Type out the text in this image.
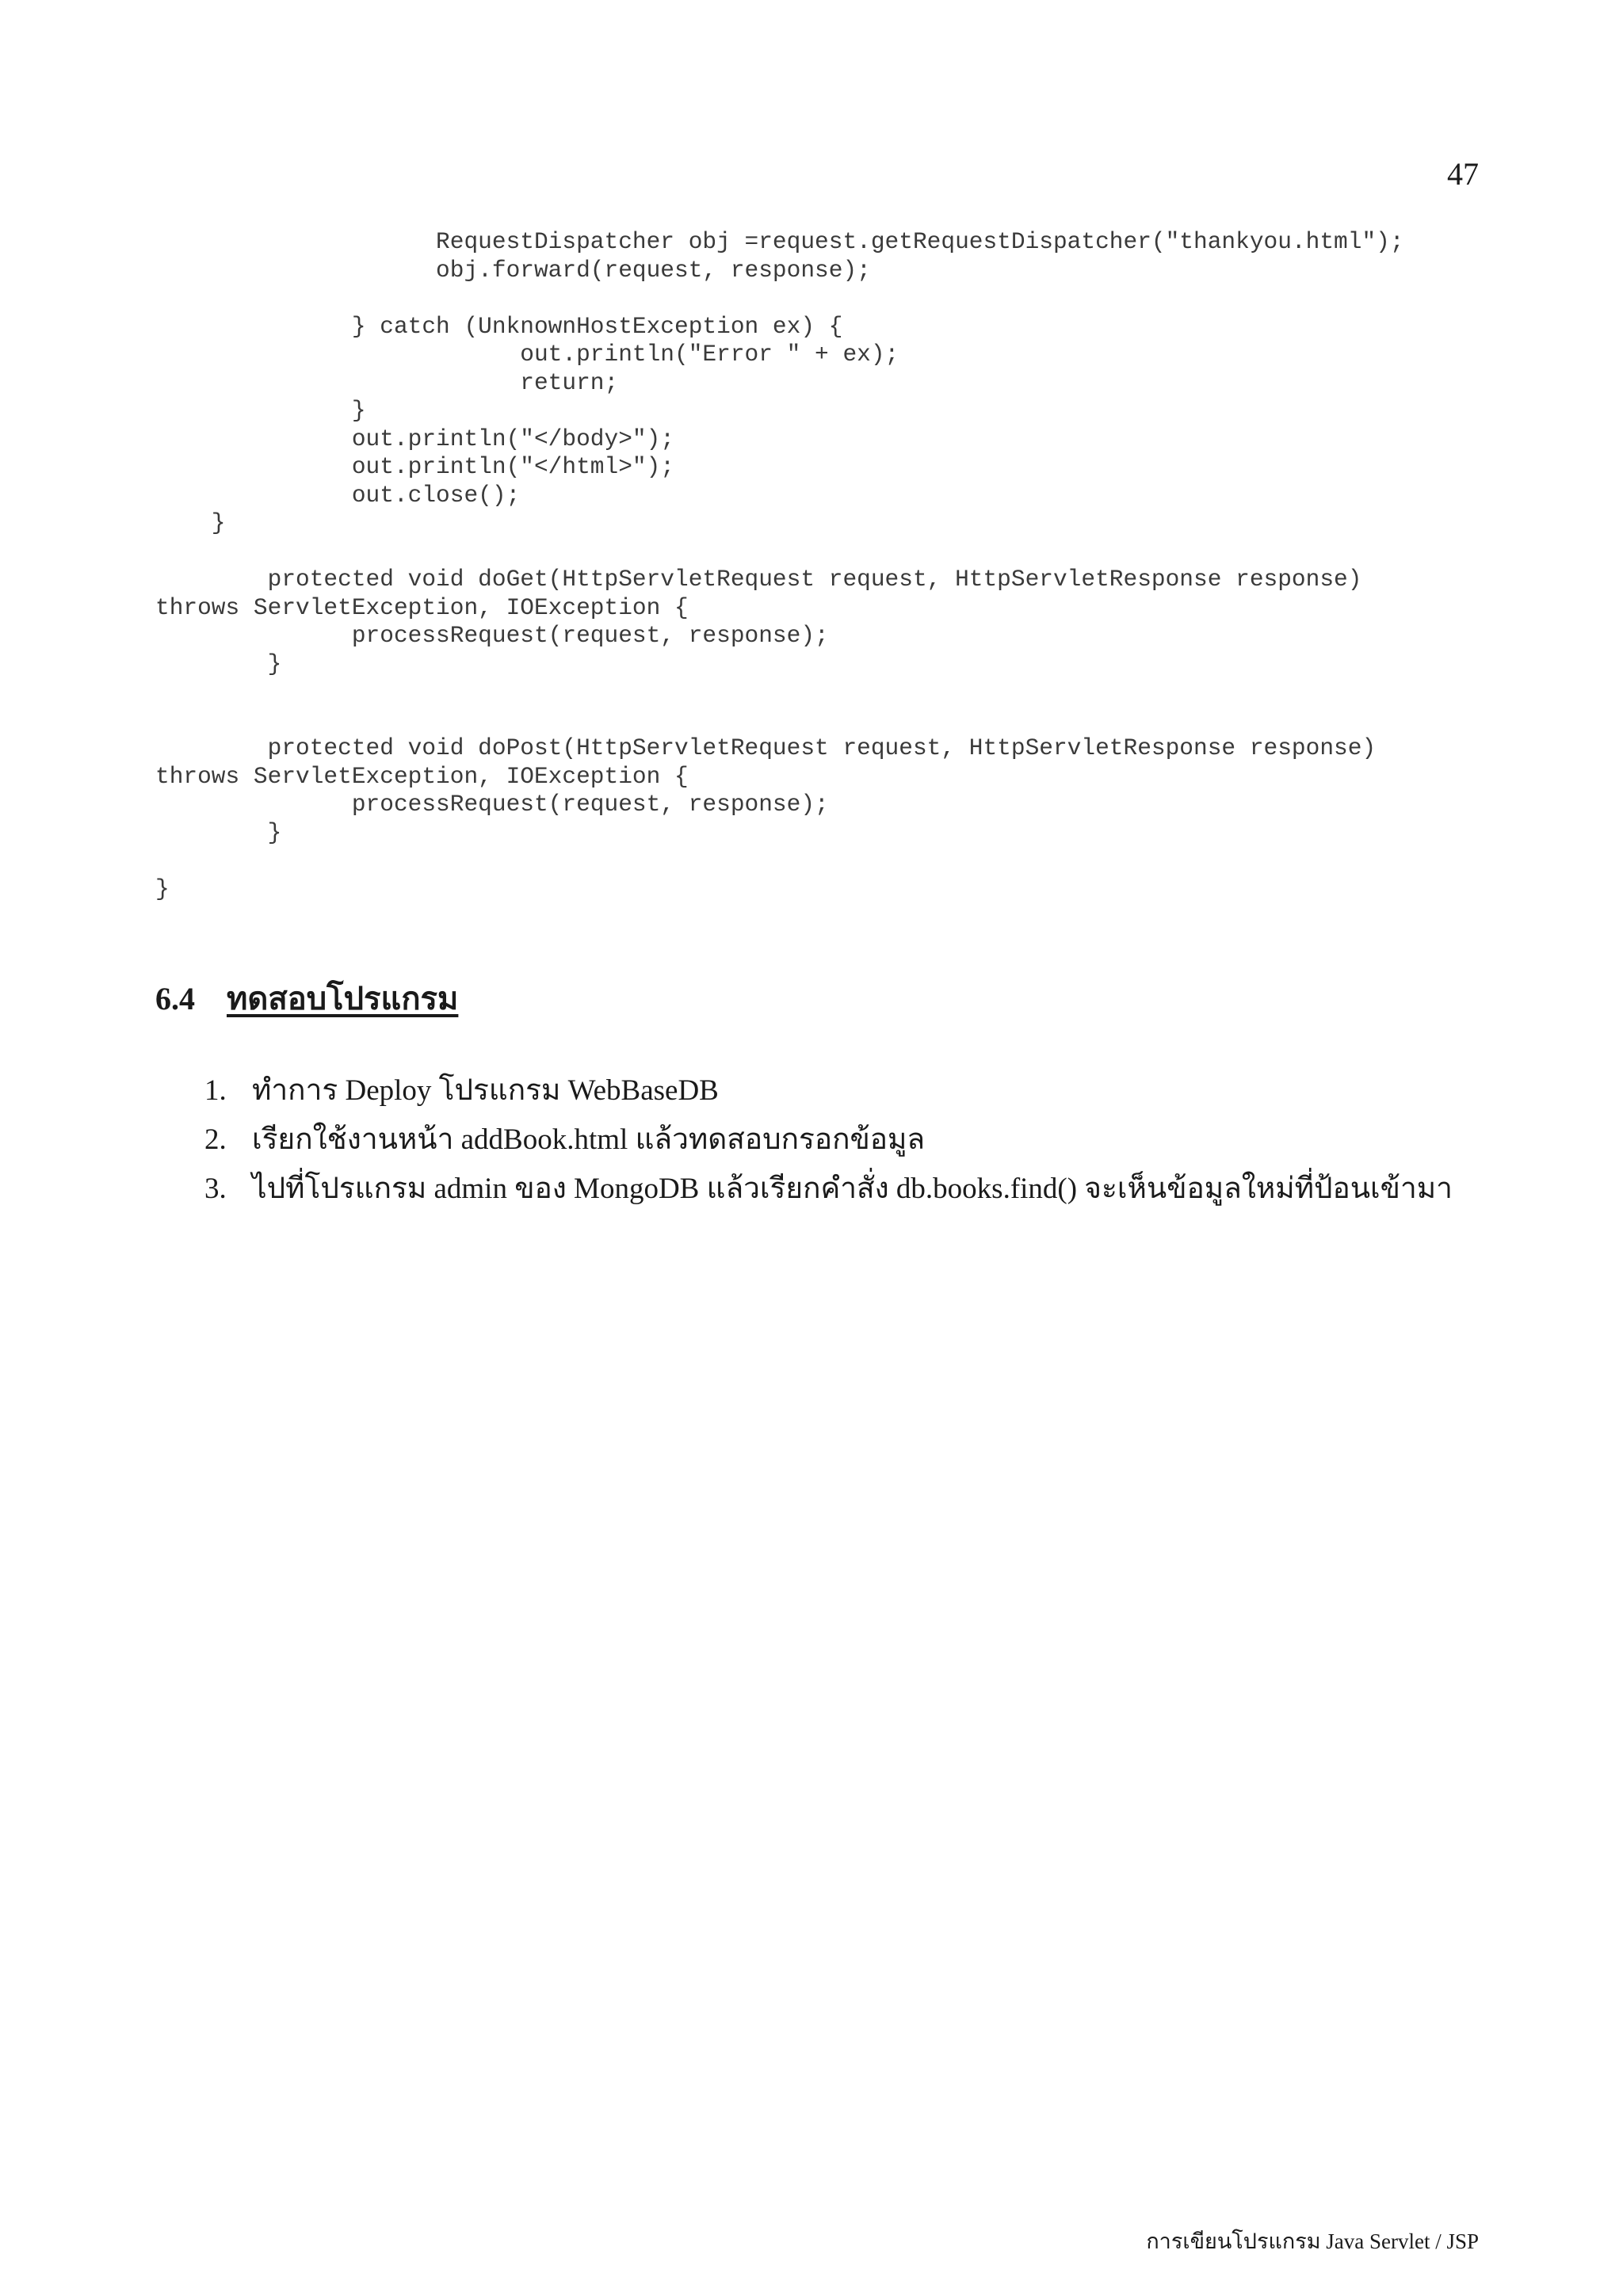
47
RequestDispatcher obj =request.getRequestDispatcher("thankyou.html");
obj.forward(request, response);
} catch (UnknownHostException ex) {
out.println("Error " + ex);
return;
}
out.println("</body>");
out.println("</html>");
out.close();
}
protected void doGet(HttpServletRequest request, HttpServletResponse response)
throws ServletException, IOException {
processRequest(request, response);
}
protected void doPost(HttpServletRequest request, HttpServletResponse response)
throws ServletException, IOException {
processRequest(request, response);
}
}
6.4 ทดสอบโปรแกรม
1. ทำการ Deploy โปรแกรม WebBaseDB
2. เรียกใช้งานหน้า addBook.html แล้วทดสอบกรอกข้อมูล
3. ไปที่โปรแกรม admin ของ MongoDB แล้วเรียกคำสั่ง db.books.find() จะเห็นข้อมูลใหม่ที่ป้อนเข้ามา
การเขียนโปรแกรม Java Servlet / JSP
